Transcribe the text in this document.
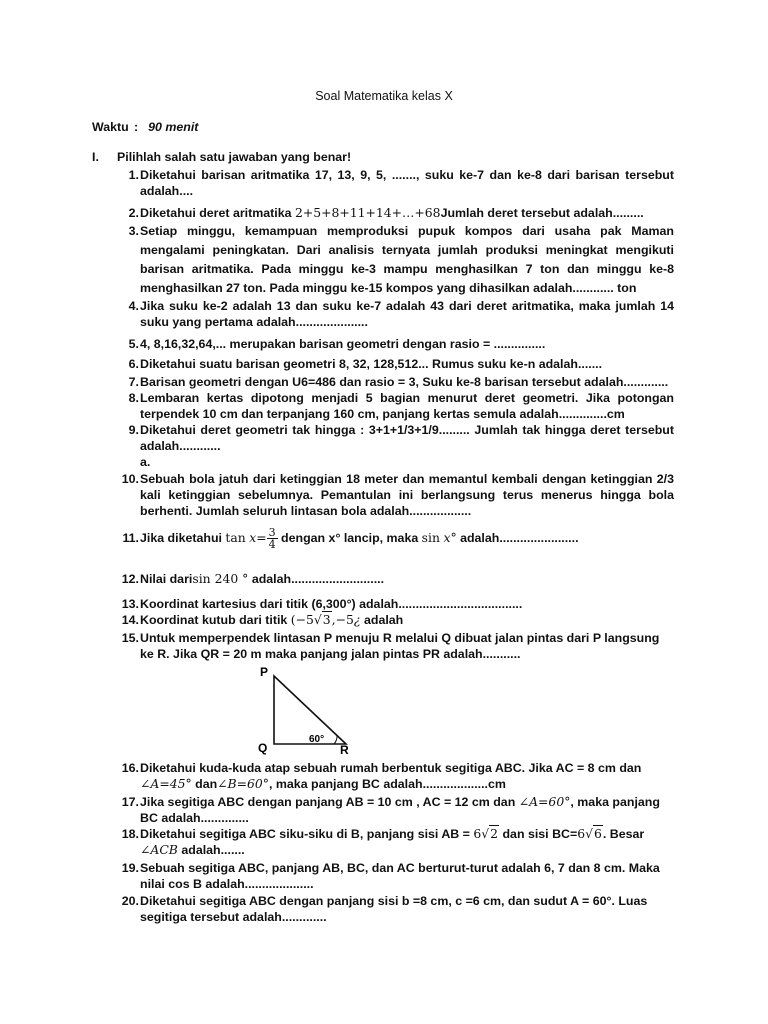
Soal Matematika kelas X
Waktu : 90 menit
I. Pilihlah salah satu jawaban yang benar!
1. Diketahui barisan aritmatika 17, 13, 9, 5, ......., suku ke-7 dan ke-8 dari barisan tersebut adalah....
2. Diketahui deret aritmatika 2+5+8+11+14+…+68Jumlah deret tersebut adalah.........
3. Setiap minggu, kemampuan memproduksi pupuk kompos dari usaha pak Maman mengalami peningkatan. Dari analisis ternyata jumlah produksi meningkat mengikuti barisan aritmatika. Pada minggu ke-3 mampu menghasilkan 7 ton dan minggu ke-8 menghasilkan 27 ton. Pada minggu ke-15 kompos yang dihasilkan adalah............ ton
4. Jika suku ke-2 adalah 13 dan suku ke-7 adalah 43 dari deret aritmatika, maka jumlah 14 suku yang pertama adalah.....................
5. 4, 8,16,32,64,... merupakan barisan geometri dengan rasio = ...............
6. Diketahui suatu barisan geometri 8, 32, 128,512... Rumus suku ke-n adalah.......
7. Barisan geometri dengan U6=486 dan rasio = 3, Suku ke-8 barisan tersebut adalah.............
8. Lembaran kertas dipotong menjadi 5 bagian menurut deret geometri. Jika potongan terpendek 10 cm dan terpanjang 160 cm, panjang kertas semula adalah..............cm
9. Diketahui deret geometri tak hingga : 3+1+1/3+1/9......... Jumlah tak hingga deret tersebut adalah............
a.
10. Sebuah bola jatuh dari ketinggian 18 meter dan memantul kembali dengan ketinggian 2/3 kali ketinggian sebelumnya. Pemantulan ini berlangsung terus menerus hingga bola berhenti. Jumlah seluruh lintasan bola adalah..................
11. Jika diketahui $\tan x= \frac{3}{4}$ dengan x° lancip, maka sin x° adalah.......................
12. Nilai darisin 240 ° adalah...........................
13. Koordinat kartesius dari titik (6,300°) adalah....................................
14. Koordinat kutub dari titik (−5√3,−5¿ adalah
15. Untuk memperpendek lintasan P menuju R melalui Q dibuat jalan pintas dari P langsung ke R. Jika QR = 20 m maka panjang jalan pintas PR adalah...........
P
Q	R
60°
16. Diketahui kuda-kuda atap sebuah rumah berbentuk segitiga ABC. Jika AC = 8 cm dan
∠A=45° dan∠B=60°, maka panjang BC adalah...................cm
17. Jika segitiga ABC dengan panjang AB = 10 cm , AC = 12 cm dan ∠A=60°, maka panjang BC adalah..............
18. Diketahui segitiga ABC siku-siku di B, panjang sisi AB = 6√2 dan sisi BC=6√6. Besar ∠ACB adalah.......
19. Sebuah segitiga ABC, panjang AB, BC, dan AC berturut-turut adalah 6, 7 dan 8 cm. Maka nilai cos B adalah....................
20. Diketahui segitiga ABC dengan panjang sisi b =8 cm, c =6 cm, dan sudut A = 60°. Luas segitiga tersebut adalah.............
